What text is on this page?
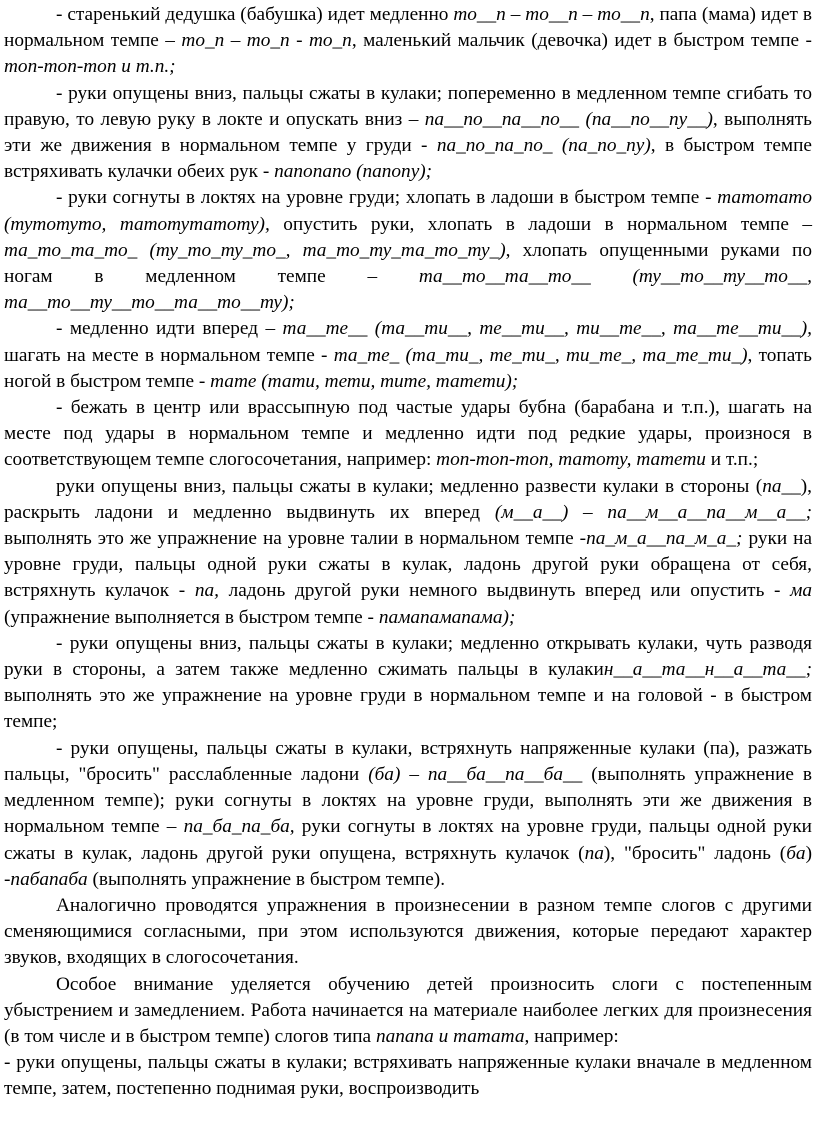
- старенький дедушка (бабушка) идет медленно то__п – то__п – то__п, папа (мама) идет в нормальном темпе – то_п – то_п - то_п, маленький мальчик (девочка) идет в быстром темпе - топ-топ-топ и т.п.;

- руки опущены вниз, пальцы сжаты в кулаки; попеременно в медленном темпе сгибать то правую, то левую руку в локте и опускать вниз – па__по__па__по__ (па__по__пу__), выполнять эти же движения в нормальном темпе у груди - па_по_па_по_ (па_по_пу), в быстром темпе встряхивать кулачки обеих рук - папопапо (папопу);

- руки согнуты в локтях на уровне груди; хлопать в ладоши в быстром темпе - татотато (тутотуто, татотутатоту), опустить руки, хлопать в ладоши в нормальном темпе –та_то_та_то_ (ту_то_ту_то_, та_то_ту_та_то_ту_), хлопать опущенными руками по ногам в медленном темпе – та__то__та__то__ (ту__то__ту__то__, та__то__ту__то__та__то__ту);

- медленно идти вперед – та__те__ (та__ти__, те__ти__, ти__те__, та__те__ти__), шагать на месте в нормальном темпе - та_те_ (та_ти_, те_ти_, ти_те_, та_те_ти_), топать ногой в быстром темпе - тате (тати, тети, тите, татети);

- бежать в центр или врассыпную под частые удары бубна (барабана и т.п.), шагать на месте под удары в нормальном темпе и медленно идти под редкие удары, произнося в соответствующем темпе слогосочетания, например: топ-топ-топ, татоту, татети и т.п.;

руки опущены вниз, пальцы сжаты в кулаки; медленно развести кулаки в стороны (па__), раскрыть ладони и медленно выдвинуть их вперед (м__а__) – па__м__а__па__м__а__; выполнять это же упражнение на уровне талии в нормальном темпе -па_м_а__па_м_а_; руки на уровне груди, пальцы одной руки сжаты в кулак, ладонь другой руки обращена от себя, встряхнуть кулачок - па, ладонь другой руки немного выдвинуть вперед или опустить - ма (упражнение выполняется в быстром темпе - памапамапама);

- руки опущены вниз, пальцы сжаты в кулаки; медленно открывать кулаки, чуть разводя руки в стороны, а затем также медленно сжимать пальцы в кулакин__а__та__н__а__та__; выполнять это же упражнение на уровне груди в нормальном темпе и на головой - в быстром темпе;

- руки опущены, пальцы сжаты в кулаки, встряхнуть напряженные кулаки (па), разжать пальцы, "бросить" расслабленные ладони (ба) – па__ба__па__ба__ (выполнять упражнение в медленном темпе); руки согнуты в локтях на уровне груди, выполнять эти же движения в нормальном темпе – па_ба_па_ба, руки согнуты в локтях на уровне груди, пальцы одной руки сжаты в кулак, ладонь другой руки опущена, встряхнуть кулачок (па), "бросить" ладонь (ба) -пабапаба (выполнять упражнение в быстром темпе).

Аналогично проводятся упражнения в произнесении в разном темпе слогов с другими сменяющимися согласными, при этом используются движения, которые передают характер звуков, входящих в слогосочетания.

Особое внимание уделяется обучению детей произносить слоги с постепенным убыстрением и замедлением. Работа начинается на материале наиболее легких для произнесения (в том числе и в быстром темпе) слогов типа папапа и татата, например:

- руки опущены, пальцы сжаты в кулаки; встряхивать напряженные кулаки вначале в медленном темпе, затем, постепенно поднимая руки, воспроизводить
